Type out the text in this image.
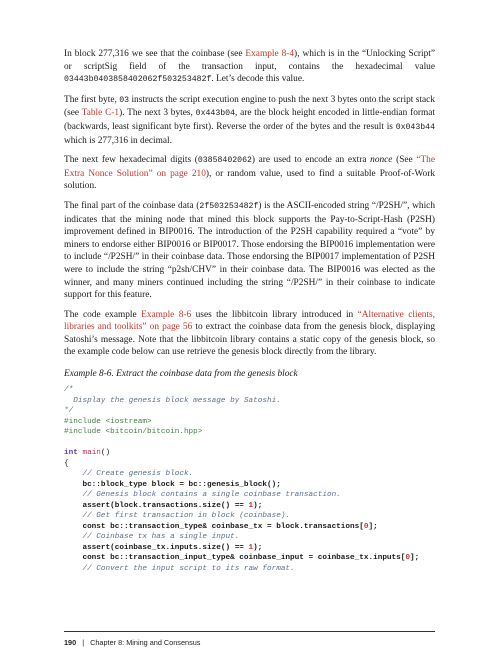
In block 277,316 we see that the coinbase (see Example 8-4), which is in the “Unlocking Script” or scriptSig field of the transaction input, contains the hexadecimal value 03443b0403858402062f503253482f. Let’s decode this value.

The first byte, 03 instructs the script execution engine to push the next 3 bytes onto the script stack (see Table C-1). The next 3 bytes, 0x443b04, are the block height encoded in little-endian format (backwards, least significant byte first). Reverse the order of the bytes and the result is 0x043b44 which is 277,316 in decimal.

The next few hexadecimal digits (03858402062) are used to encode an extra nonce (See “The Extra Nonce Solution” on page 210), or random value, used to find a suitable Proof-of-Work solution.

The final part of the coinbase data (2f503253482f) is the ASCII-encoded string “/P2SH/”, which indicates that the mining node that mined this block supports the Pay-to-Script-Hash (P2SH) improvement defined in BIP0016. The introduction of the P2SH capability required a “vote” by miners to endorse either BIP0016 or BIP0017. Those endorsing the BIP0016 implementation were to include “/P2SH/” in their coinbase data. Those endorsing the BIP0017 implementation of P2SH were to include the string “p2sh/CHV” in their coinbase data. The BIP0016 was elected as the winner, and many miners continued including the string “/P2SH/” in their coinbase to indicate support for this feature.

The code example Example 8-6 uses the libbitcoin library introduced in “Alternative clients, libraries and toolkits” on page 56 to extract the coinbase data from the genesis block, displaying Satoshi’s message. Note that the libbitcoin library contains a static copy of the genesis block, so the example code below can use retrieve the genesis block directly from the library.

Example 8-6. Extract the coinbase data from the genesis block
/*
Display the genesis block message by Satoshi.
*/
#include <iostream>
#include <bitcoin/bitcoin.hpp>

int main()
{
// Create genesis block.
bc::block_type block = bc::genesis_block();
// Genesis block contains a single coinbase transaction.
assert(block.transactions.size() == 1);
// Get first transaction in block (coinbase).
const bc::transaction_type& coinbase_tx = block.transactions[0];
// Coinbase tx has a single input.
assert(coinbase_tx.inputs.size() == 1);
const bc::transaction_input_type& coinbase_input = coinbase_tx.inputs[0];
// Convert the input script to its raw format.
190 | Chapter 8: Mining and Consensus
